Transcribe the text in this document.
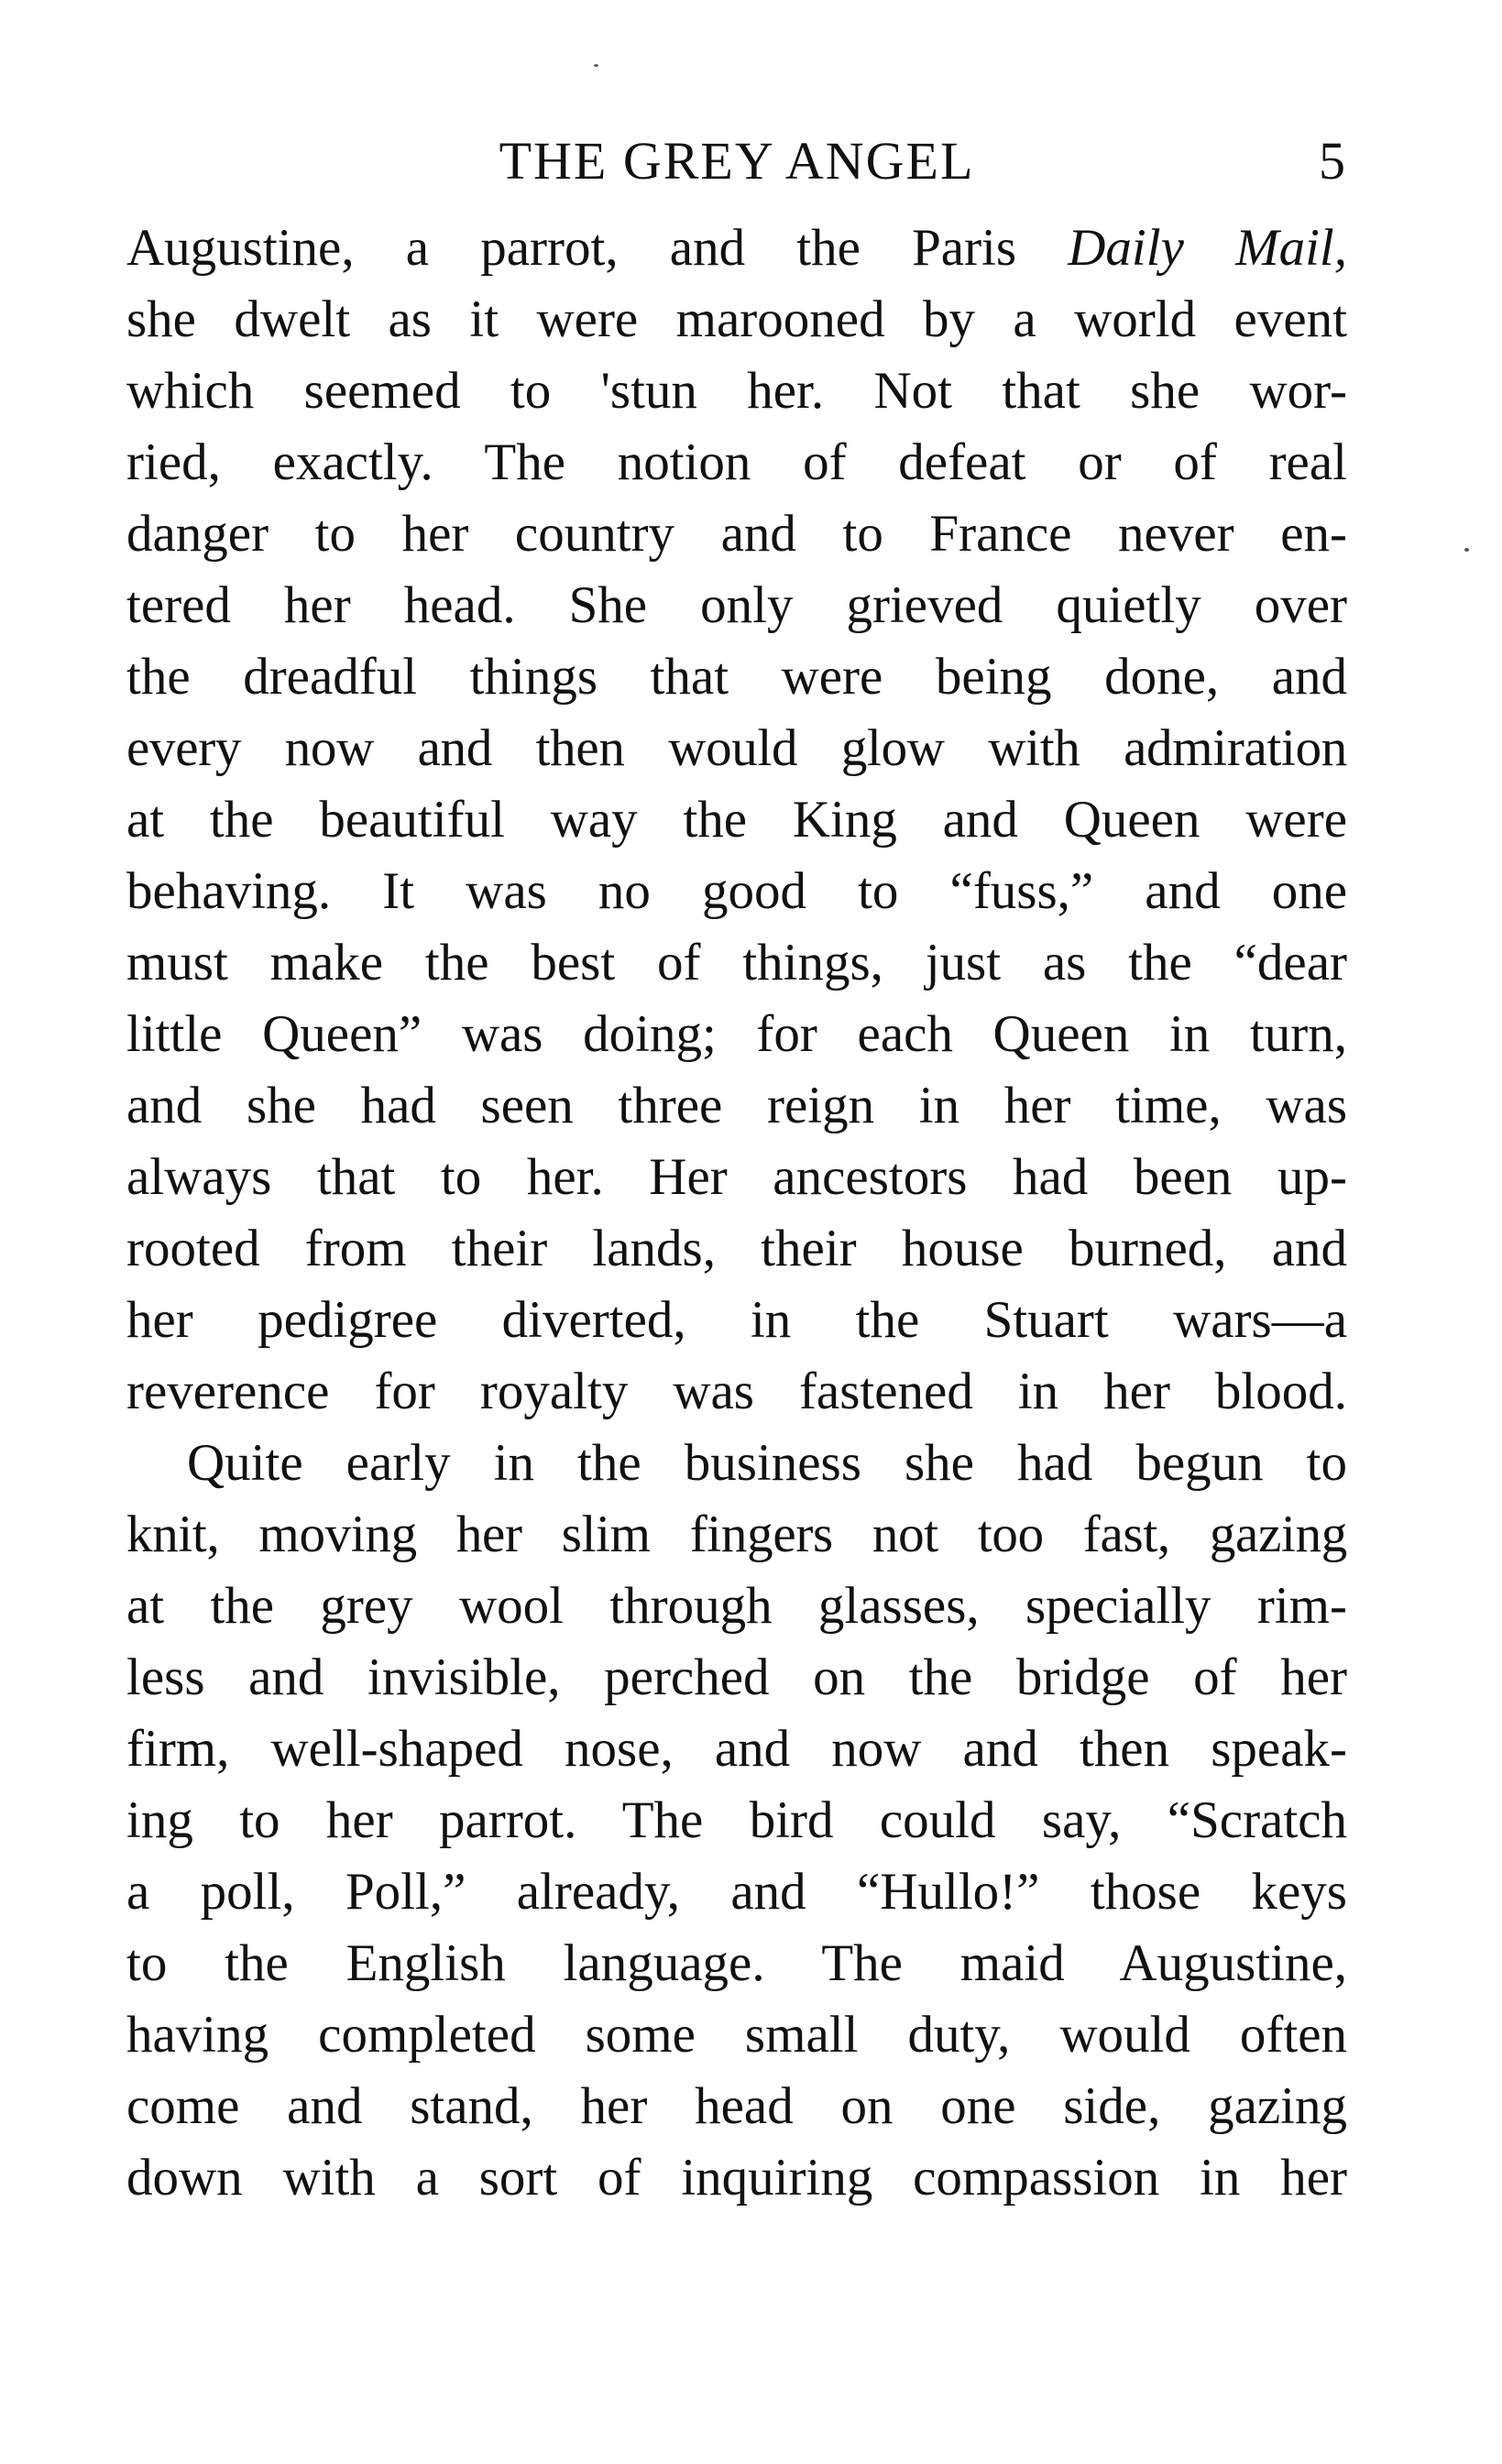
THE GREY ANGEL	5
Augustine, a parrot, and the Paris Daily Mail,
she dwelt as it were marooned by a world event
which seemed to 'stun her. Not that she wor-
ried, exactly. The notion of defeat or of real
danger to her country and to France never en-
tered her head. She only grieved quietly over
the dreadful things that were being done, and
every now and then would glow with admiration
at the beautiful way the King and Queen were
behaving. It was no good to “fuss,” and one
must make the best of things, just as the “dear
little Queen” was doing; for each Queen in turn,
and she had seen three reign in her time, was
always that to her. Her ancestors had been up-
rooted from their lands, their house burned, and
her pedigree diverted, in the Stuart wars—a
reverence for royalty was fastened in her blood.
Quite early in the business she had begun to
knit, moving her slim fingers not too fast, gazing
at the grey wool through glasses, specially rim-
less and invisible, perched on the bridge of her
firm, well-shaped nose, and now and then speak-
ing to her parrot. The bird could say, “Scratch
a poll, Poll,” already, and “Hullo!” those keys
to the English language. The maid Augustine,
having completed some small duty, would often
come and stand, her head on one side, gazing
down with a sort of inquiring compassion in her
